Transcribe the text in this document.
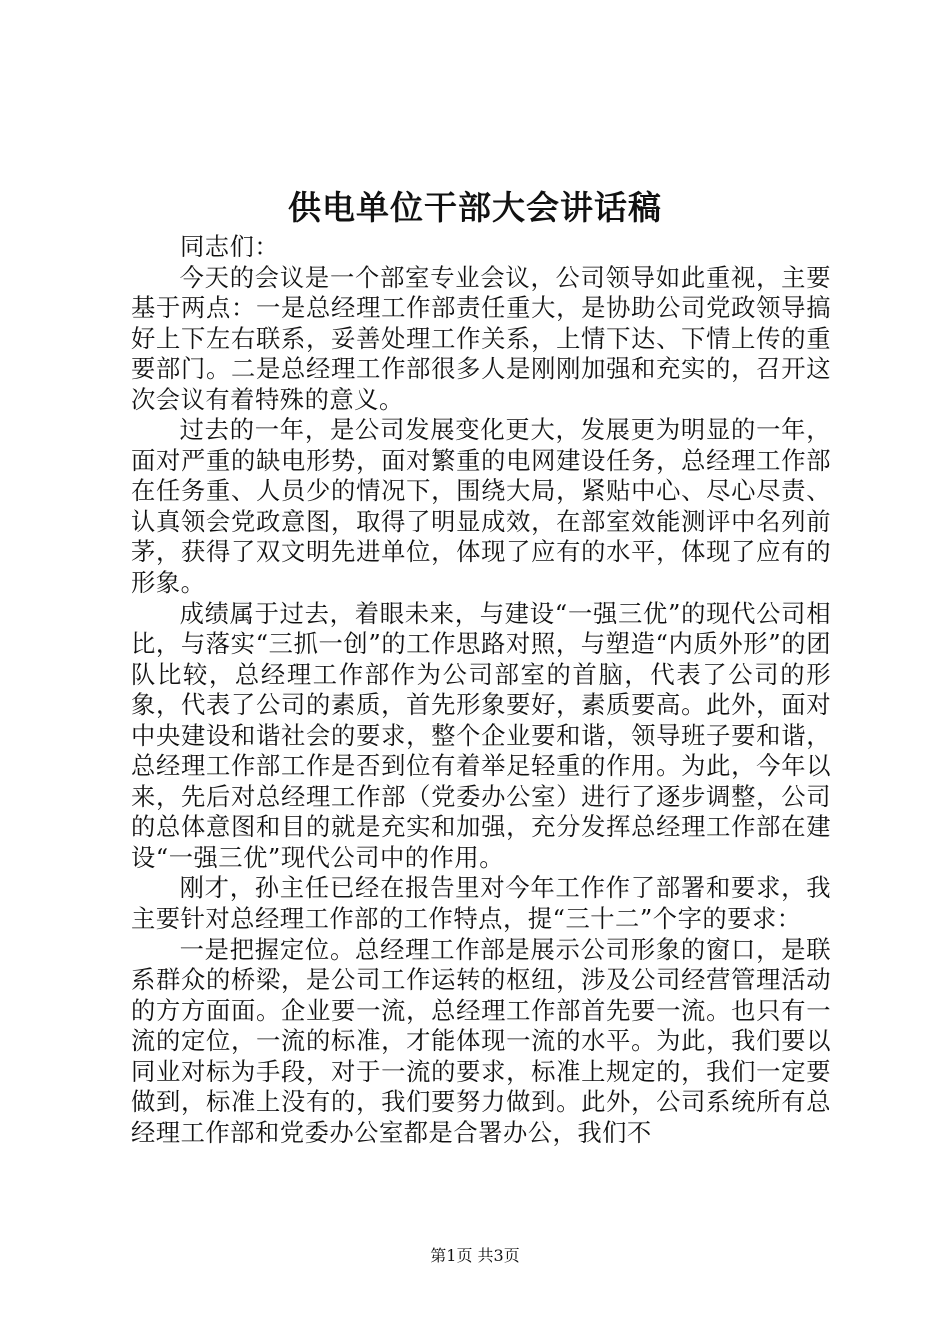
供电单位干部大会讲话稿

同志们：

今天的会议是一个部室专业会议，公司领导如此重视，主要基于两点：一是总经理工作部责任重大，是协助公司党政领导搞好上下左右联系，妥善处理工作关系，上情下达、下情上传的重要部门。二是总经理工作部很多人是刚刚加强和充实的，召开这次会议有着特殊的意义。

过去的一年，是公司发展变化更大，发展更为明显的一年，面对严重的缺电形势，面对繁重的电网建设任务，总经理工作部在任务重、人员少的情况下，围绕大局，紧贴中心、尽心尽责、认真领会党政意图，取得了明显成效，在部室效能测评中名列前茅，获得了双文明先进单位，体现了应有的水平，体现了应有的形象。

成绩属于过去，着眼未来，与建设“一强三优”的现代公司相比，与落实“三抓一创”的工作思路对照，与塑造“内质外形”的团队比较，总经理工作部作为公司部室的首脑，代表了公司的形象，代表了公司的素质，首先形象要好，素质要高。此外，面对中央建设和谐社会的要求，整个企业要和谐，领导班子要和谐，总经理工作部工作是否到位有着举足轻重的作用。为此，今年以来，先后对总经理工作部（党委办公室）进行了逐步调整，公司的总体意图和目的就是充实和加强，充分发挥总经理工作部在建设“一强三优”现代公司中的作用。

刚才，孙主任已经在报告里对今年工作作了部署和要求，我主要针对总经理工作部的工作特点，提“三十二”个字的要求：

一是把握定位。总经理工作部是展示公司形象的窗口，是联系群众的桥梁，是公司工作运转的枢纽，涉及公司经营管理活动的方方面面。企业要一流，总经理工作部首先要一流。也只有一流的定位，一流的标准，才能体现一流的水平。为此，我们要以同业对标为手段，对于一流的要求，标准上规定的，我们一定要做到，标准上没有的，我们要努力做到。此外，公司系统所有总经理工作部和党委办公室都是合署办公，我们不

第1页 共3页
